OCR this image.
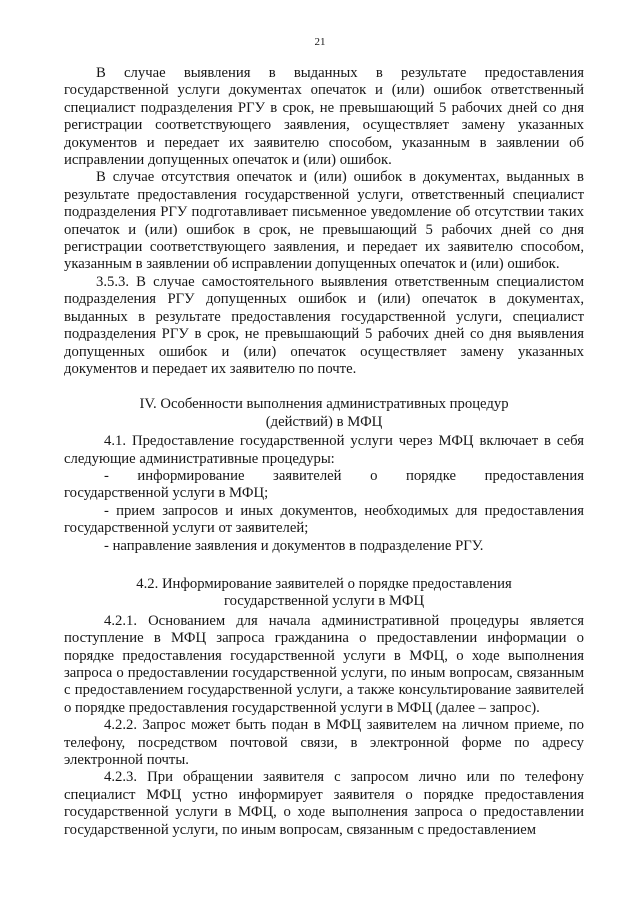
21

В случае выявления в выданных в результате предоставления государственной услуги документах опечаток и (или) ошибок ответственный специалист подразделения РГУ в срок, не превышающий 5 рабочих дней со дня регистрации соответствующего заявления, осуществляет замену указанных документов и передает их заявителю способом, указанным в заявлении об исправлении допущенных опечаток и (или) ошибок.

В случае отсутствия опечаток и (или) ошибок в документах, выданных в результате предоставления государственной услуги, ответственный специалист подразделения РГУ подготавливает письменное уведомление об отсутствии таких опечаток и (или) ошибок в срок, не превышающий 5 рабочих дней со дня регистрации соответствующего заявления, и передает их заявителю способом, указанным в заявлении об исправлении допущенных опечаток и (или) ошибок.

3.5.3. В случае самостоятельного выявления ответственным специалистом подразделения РГУ допущенных ошибок и (или) опечаток в документах, выданных в результате предоставления государственной услуги, специалист подразделения РГУ в срок, не превышающий 5 рабочих дней со дня выявления допущенных ошибок и (или) опечаток осуществляет замену указанных документов и передает их заявителю по почте.

IV. Особенности выполнения административных процедур
(действий) в МФЦ

4.1. Предоставление государственной услуги через МФЦ включает в себя следующие административные процедуры:

- информирование заявителей о порядке предоставления

государственной услуги в МФЦ;

- прием запросов и иных документов, необходимых для предоставления государственной услуги от заявителей;

- направление заявления и документов в подразделение РГУ.

4.2. Информирование заявителей о порядке предоставления
государственной услуги в МФЦ

4.2.1. Основанием для начала административной процедуры является поступление в МФЦ запроса гражданина о предоставлении информации о порядке предоставления государственной услуги в МФЦ, о ходе выполнения запроса о предоставлении государственной услуги, по иным вопросам, связанным с предоставлением государственной услуги, а также консультирование заявителей о порядке предоставления государственной услуги в МФЦ (далее – запрос).

4.2.2. Запрос может быть подан в МФЦ заявителем на личном приеме, по телефону, посредством почтовой связи, в электронной форме по адресу электронной почты.

4.2.3. При обращении заявителя с запросом лично или по телефону специалист МФЦ устно информирует заявителя о порядке предоставления государственной услуги в МФЦ, о ходе выполнения запроса о предоставлении государственной услуги, по иным вопросам, связанным с предоставлением
